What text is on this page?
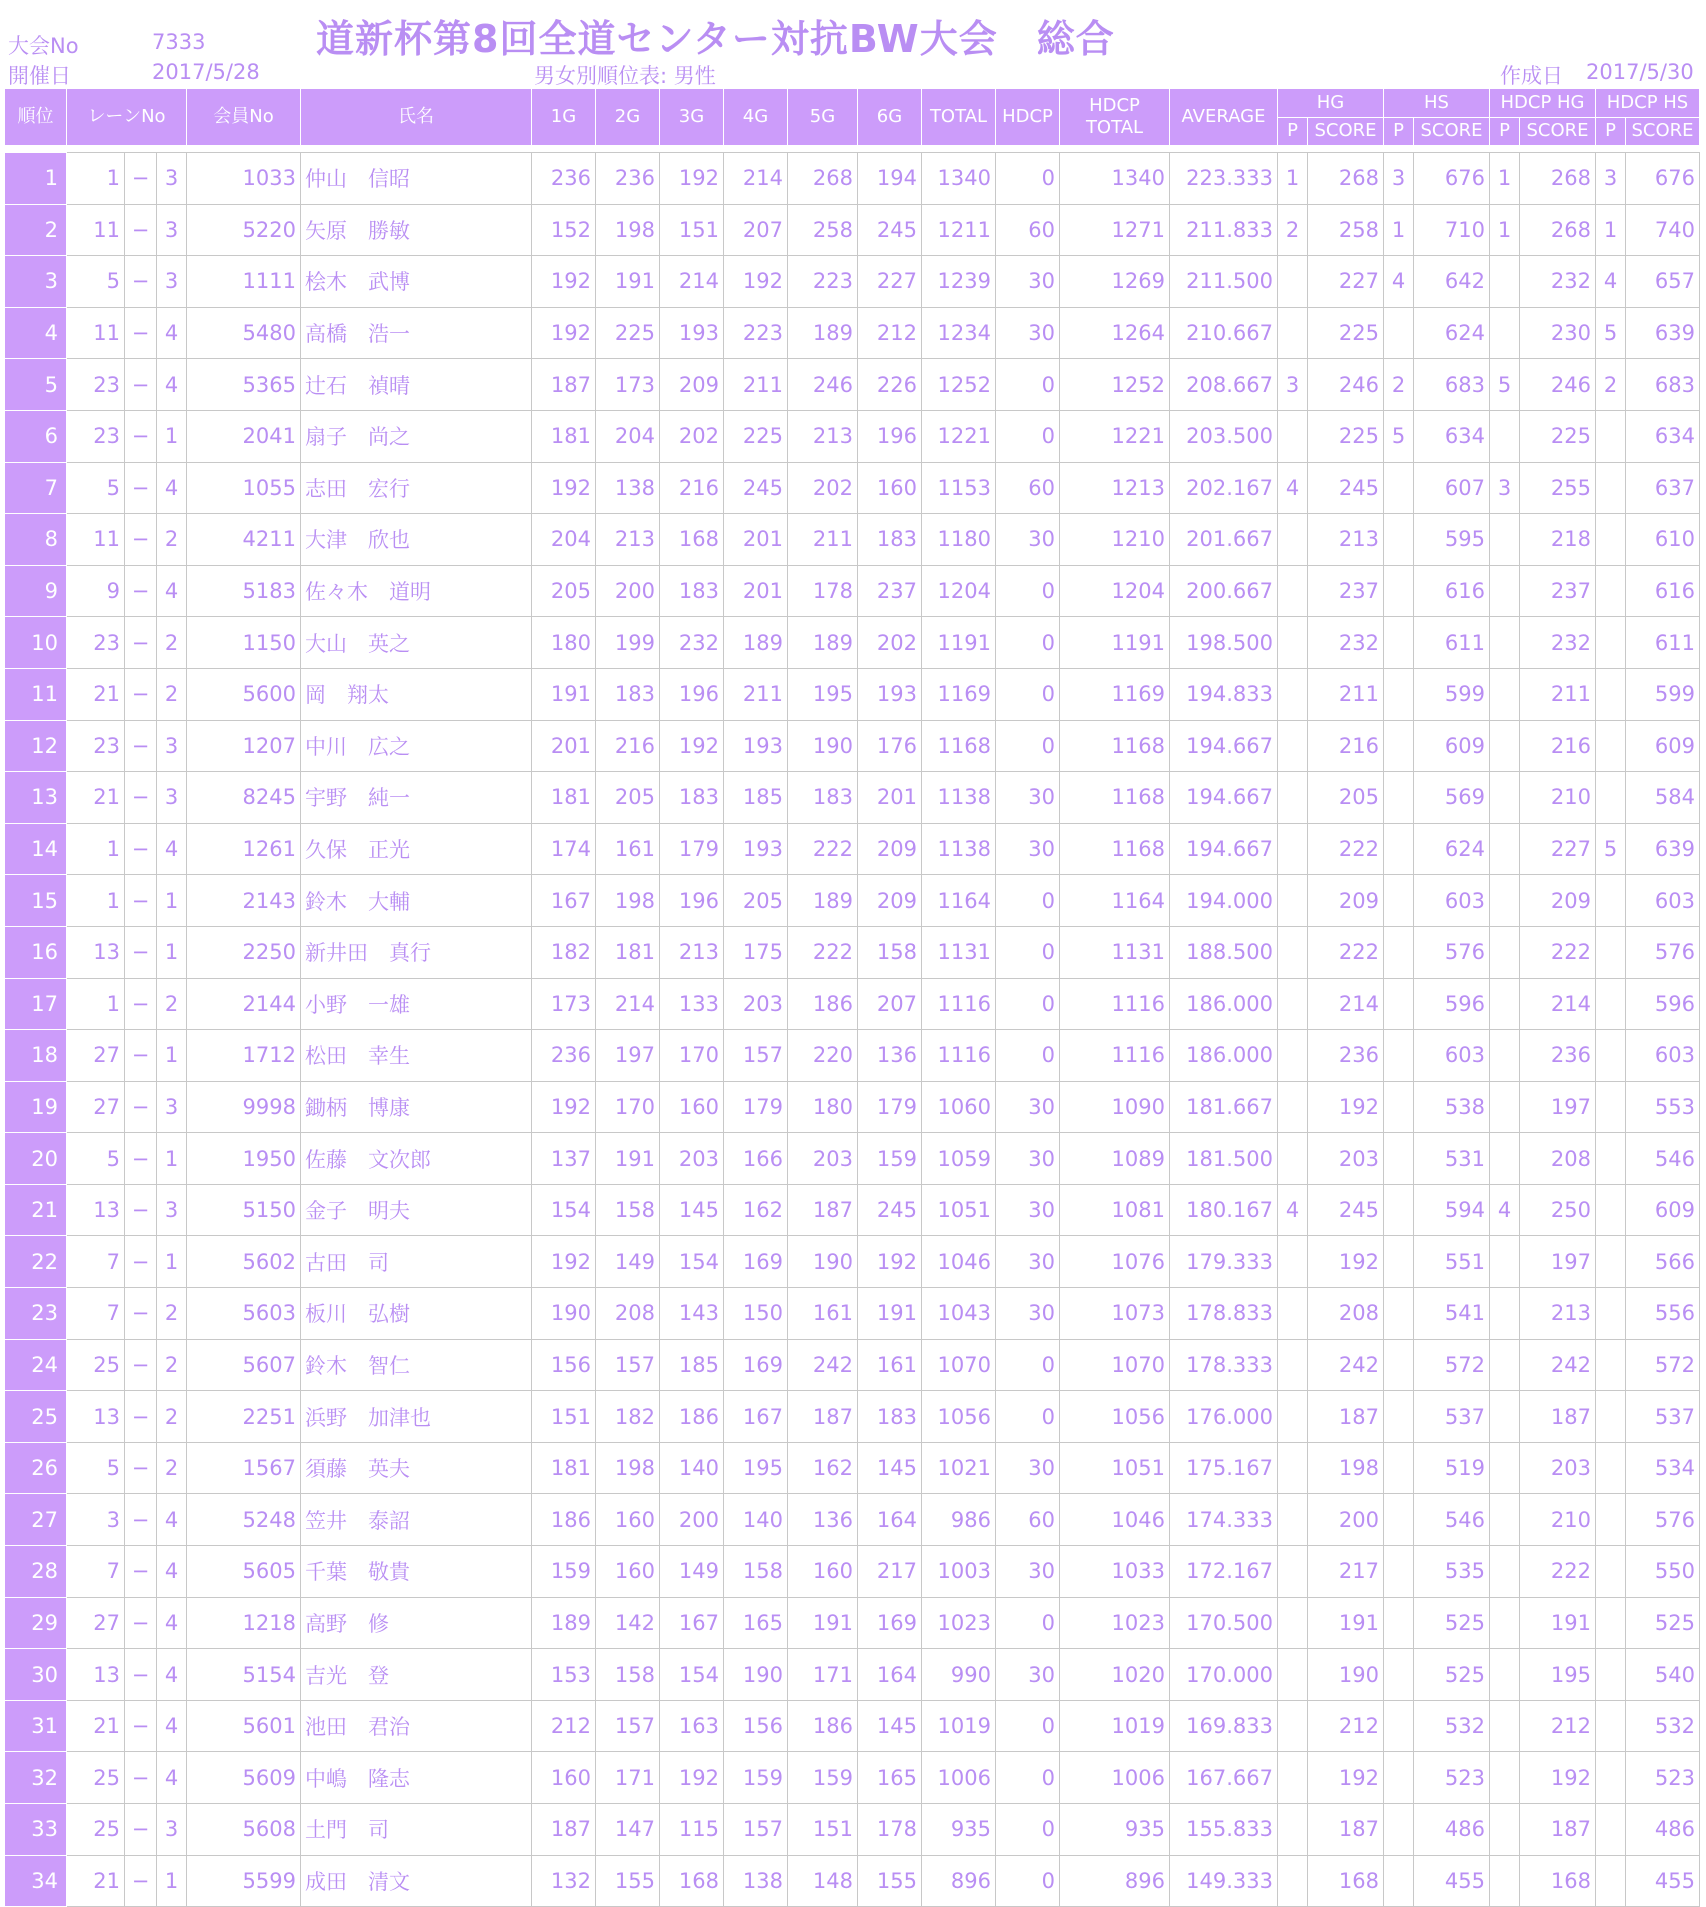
大会No	7333
開催日	2017/5/28
道新杯第8回全道センター対抗BW大会　総合
男女別順位表: 男性	作成日 2017/5/30
順位	レーンNo			会員No	氏名	1G	2G	3G	4G	5G	6G	TOTAL	HDCP	HDCP
TOTAL	AVERAGE	HG		HS		HDCP HG		HDCP HS	
																P	SCORE	P	SCORE	P	SCORE	P	SCORE

1	1	−	3	1033	仲山　信昭	236	236	192	214	268	194	1340	0	1340	223.333	1	268	3	676	1	268	3	676
2	11	−	3	5220	矢原　勝敏	152	198	151	207	258	245	1211	60	1271	211.833	2	258	1	710	1	268	1	740
3	5	−	3	1111	桧木　武博	192	191	214	192	223	227	1239	30	1269	211.500		227	4	642		232	4	657
4	11	−	4	5480	高橋　浩一	192	225	193	223	189	212	1234	30	1264	210.667		225		624		230	5	639
5	23	−	4	5365	辻石　禎晴	187	173	209	211	246	226	1252	0	1252	208.667	3	246	2	683	5	246	2	683
6	23	−	1	2041	扇子　尚之	181	204	202	225	213	196	1221	0	1221	203.500		225	5	634		225		634
7	5	−	4	1055	志田　宏行	192	138	216	245	202	160	1153	60	1213	202.167	4	245		607	3	255		637
8	11	−	2	4211	大津　欣也	204	213	168	201	211	183	1180	30	1210	201.667		213		595		218		610
9	9	−	4	5183	佐々木　道明	205	200	183	201	178	237	1204	0	1204	200.667		237		616		237		616
10	23	−	2	1150	大山　英之	180	199	232	189	189	202	1191	0	1191	198.500		232		611		232		611
11	21	−	2	5600	岡　翔太	191	183	196	211	195	193	1169	0	1169	194.833		211		599		211		599
12	23	−	3	1207	中川　広之	201	216	192	193	190	176	1168	0	1168	194.667		216		609		216		609
13	21	−	3	8245	宇野　純一	181	205	183	185	183	201	1138	30	1168	194.667		205		569		210		584
14	1	−	4	1261	久保　正光	174	161	179	193	222	209	1138	30	1168	194.667		222		624		227	5	639
15	1	−	1	2143	鈴木　大輔	167	198	196	205	189	209	1164	0	1164	194.000		209		603		209		603
16	13	−	1	2250	新井田　真行	182	181	213	175	222	158	1131	0	1131	188.500		222		576		222		576
17	1	−	2	2144	小野　一雄	173	214	133	203	186	207	1116	0	1116	186.000		214		596		214		596
18	27	−	1	1712	松田　幸生	236	197	170	157	220	136	1116	0	1116	186.000		236		603		236		603
19	27	−	3	9998	鋤柄　博康	192	170	160	179	180	179	1060	30	1090	181.667		192		538		197		553
20	5	−	1	1950	佐藤　文次郎	137	191	203	166	203	159	1059	30	1089	181.500		203		531		208		546
21	13	−	3	5150	金子　明夫	154	158	145	162	187	245	1051	30	1081	180.167	4	245		594	4	250		609
22	7	−	1	5602	古田　司	192	149	154	169	190	192	1046	30	1076	179.333		192		551		197		566
23	7	−	2	5603	板川　弘樹	190	208	143	150	161	191	1043	30	1073	178.833		208		541		213		556
24	25	−	2	5607	鈴木　智仁	156	157	185	169	242	161	1070	0	1070	178.333		242		572		242		572
25	13	−	2	2251	浜野　加津也	151	182	186	167	187	183	1056	0	1056	176.000		187		537		187		537
26	5	−	2	1567	須藤　英夫	181	198	140	195	162	145	1021	30	1051	175.167		198		519		203		534
27	3	−	4	5248	笠井　泰詔	186	160	200	140	136	164	986	60	1046	174.333		200		546		210		576
28	7	−	4	5605	千葉　敬貴	159	160	149	158	160	217	1003	30	1033	172.167		217		535		222		550
29	27	−	4	1218	高野　修	189	142	167	165	191	169	1023	0	1023	170.500		191		525		191		525
30	13	−	4	5154	吉光　登	153	158	154	190	171	164	990	30	1020	170.000		190		525		195		540
31	21	−	4	5601	池田　君治	212	157	163	156	186	145	1019	0	1019	169.833		212		532		212		532
32	25	−	4	5609	中嶋　隆志	160	171	192	159	159	165	1006	0	1006	167.667		192		523		192		523
33	25	−	3	5608	土門　司	187	147	115	157	151	178	935	0	935	155.833		187		486		187		486
34	21	−	1	5599	成田　清文	132	155	168	138	148	155	896	0	896	149.333		168		455		168		455
